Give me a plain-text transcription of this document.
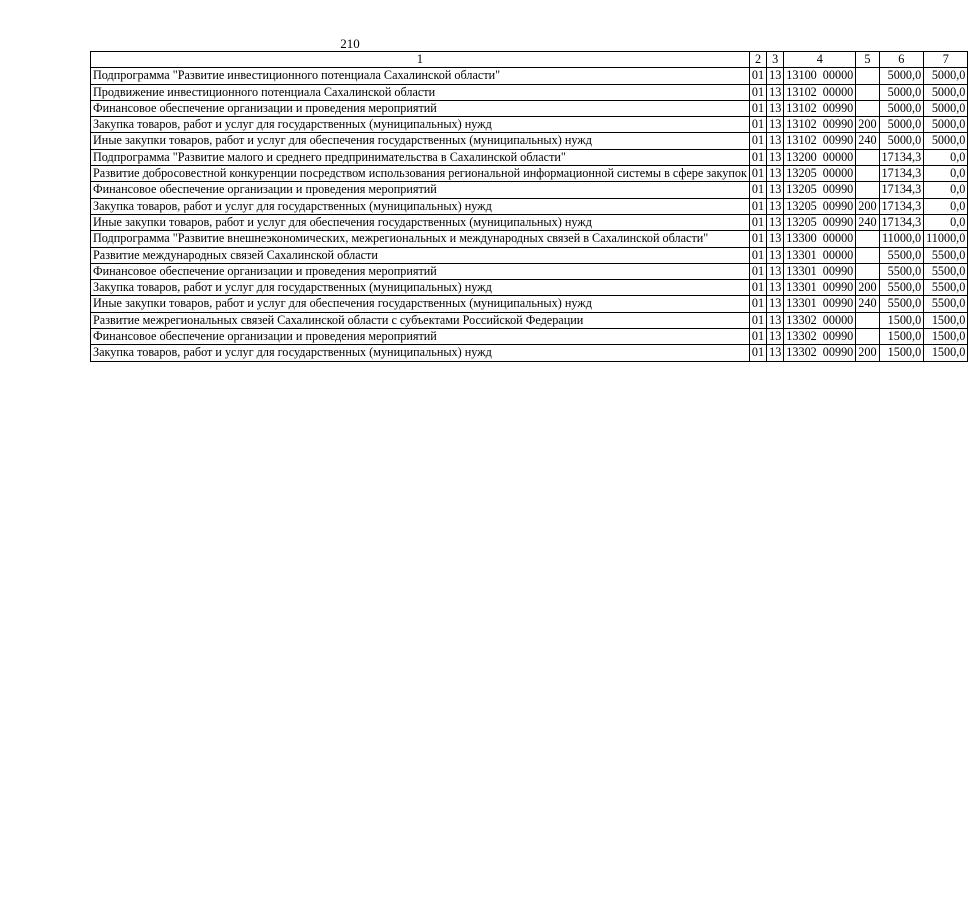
210
1	2	3	4	5	6	7
Подпрограмма "Развитие инвестиционного потенциала Сахалинской области"	01	13	13100 00000		5000,0	5000,0
Продвижение инвестиционного потенциала Сахалинской области	01	13	13102 00000		5000,0	5000,0
Финансовое обеспечение организации и проведения мероприятий	01	13	13102 00990		5000,0	5000,0
Закупка товаров, работ и услуг для государственных (муниципальных) нужд	01	13	13102 00990	200	5000,0	5000,0
Иные закупки товаров, работ и услуг для обеспечения государственных (муниципальных) нужд	01	13	13102 00990	240	5000,0	5000,0
Подпрограмма "Развитие малого и среднего предпринимательства в Сахалинской области"	01	13	13200 00000		17134,3	0,0
Развитие добросовестной конкуренции посредством использования региональной информационной системы в сфере закупок	01	13	13205 00000		17134,3	0,0
Финансовое обеспечение организации и проведения мероприятий	01	13	13205 00990		17134,3	0,0
Закупка товаров, работ и услуг для государственных (муниципальных) нужд	01	13	13205 00990	200	17134,3	0,0
Иные закупки товаров, работ и услуг для обеспечения государственных (муниципальных) нужд	01	13	13205 00990	240	17134,3	0,0
Подпрограмма "Развитие внешнеэкономических, межрегиональных и международных связей в Сахалинской области"	01	13	13300 00000		11000,0	11000,0
Развитие международных связей Сахалинской области	01	13	13301 00000		5500,0	5500,0
Финансовое обеспечение организации и проведения мероприятий	01	13	13301 00990		5500,0	5500,0
Закупка товаров, работ и услуг для государственных (муниципальных) нужд	01	13	13301 00990	200	5500,0	5500,0
Иные закупки товаров, работ и услуг для обеспечения государственных (муниципальных) нужд	01	13	13301 00990	240	5500,0	5500,0
Развитие межрегиональных связей Сахалинской области с субъектами Российской Федерации	01	13	13302 00000		1500,0	1500,0
Финансовое обеспечение организации и проведения мероприятий	01	13	13302 00990		1500,0	1500,0
Закупка товаров, работ и услуг для государственных (муниципальных) нужд	01	13	13302 00990	200	1500,0	1500,0
